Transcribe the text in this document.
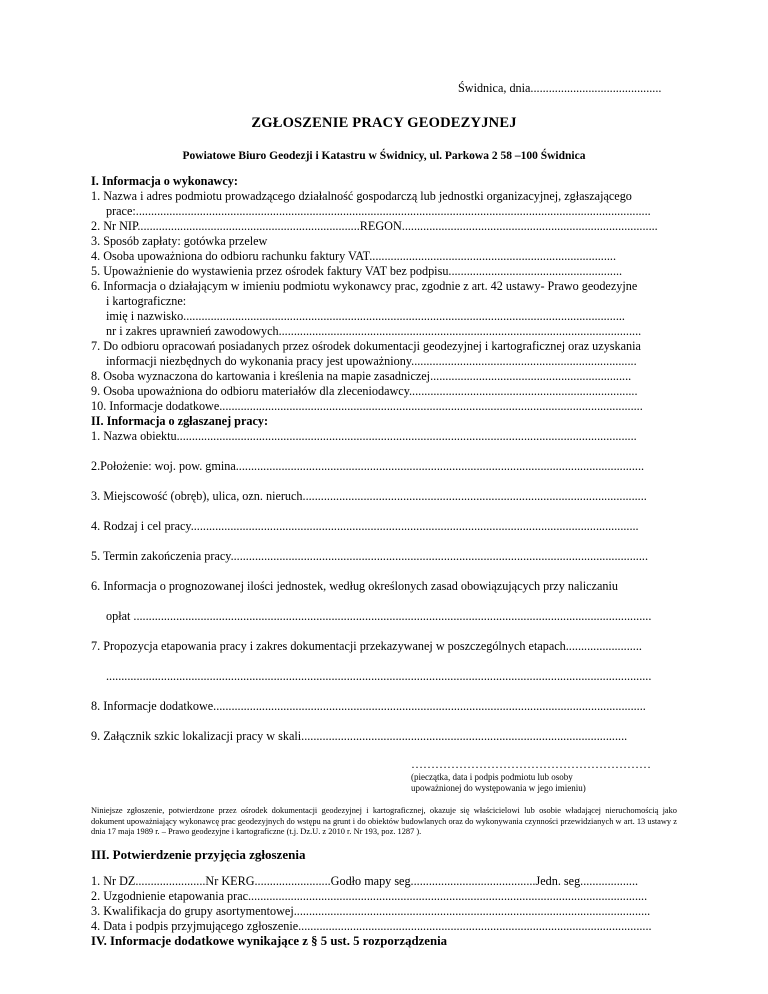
Świdnica, dnia...........................................
ZGŁOSZENIE PRACY GEODEZYJNEJ
Powiatowe Biuro Geodezji i Katastru w Świdnicy, ul. Parkowa 2 58 –100 Świdnica
I. Informacja o wykonawcy:
1. Nazwa i adres podmiotu prowadzącego działalność gospodarczą lub jednostki organizacyjnej, zgłaszającego
prace:.........................................................................................................................................................................
2. Nr NIP.........................................................................REGON....................................................................................
3. Sposób zapłaty: gotówka przelew
4. Osoba upoważniona do odbioru rachunku faktury VAT.................................................................................
5. Upoważnienie do wystawienia przez ośrodek faktury VAT bez podpisu.........................................................
6. Informacja o działającym w imieniu podmiotu wykonawcy prac, zgodnie z art. 42 ustawy- Prawo geodezyjne
i kartograficzne:
imię i nazwisko.................................................................................................................................................
nr i zakres uprawnień zawodowych.......................................................................................................................
7. Do odbioru opracowań posiadanych przez ośrodek dokumentacji geodezyjnej i kartograficznej oraz uzyskania
informacji niezbędnych do wykonania pracy jest upoważniony..........................................................................
8. Osoba wyznaczona do kartowania i kreślenia na mapie zasadniczej..................................................................
9. Osoba upoważniona do odbioru materiałów dla zleceniodawcy...........................................................................
10. Informacje dodatkowe...........................................................................................................................................
II. Informacja o zgłaszanej pracy:
1. Nazwa obiektu.......................................................................................................................................................
2.Położenie: woj. pow. gmina......................................................................................................................................
3. Miejscowość (obręb), ulica, ozn. nieruch.................................................................................................................
4. Rodzaj i cel pracy...................................................................................................................................................
5. Termin zakończenia pracy.........................................................................................................................................
6. Informacja o prognozowanej ilości jednostek, według określonych zasad obowiązujących przy naliczaniu
opłat ..........................................................................................................................................................................
7. Propozycja etapowania pracy i zakres dokumentacji przekazywanej w poszczególnych etapach.........................
...................................................................................................................................................................................
8. Informacje dodatkowe..............................................................................................................................................
9. Załącznik szkic lokalizacji pracy w skali...........................................................................................................
……………………………………………………
(pieczątka, data i podpis podmiotu lub osoby
upoważnionej do występowania w jego imieniu)
Niniejsze zgłoszenie, potwierdzone przez ośrodek dokumentacji geodezyjnej i kartograficznej, okazuje się właścicielowi lub osobie władającej nieruchomością jako dokument upoważniający wykonawcę prac geodezyjnych do wstępu na grunt i do obiektów budowlanych oraz do wykonywania czynności przewidzianych w art. 13 ustawy z dnia 17 maja 1989 r. – Prawo geodezyjne i kartograficzne (t.j. Dz.U. z 2010 r. Nr 193, poz. 1287 ).
III. Potwierdzenie przyjęcia zgłoszenia
1. Nr DZ.......................Nr KERG.........................Godło mapy seg.........................................Jedn. seg...................
2. Uzgodnienie etapowania prac...................................................................................................................................
3. Kwalifikacja do grupy asortymentowej.....................................................................................................................
4. Data i podpis przyjmującego zgłoszenie....................................................................................................................
IV. Informacje dodatkowe wynikające z § 5 ust. 5 rozporządzenia
